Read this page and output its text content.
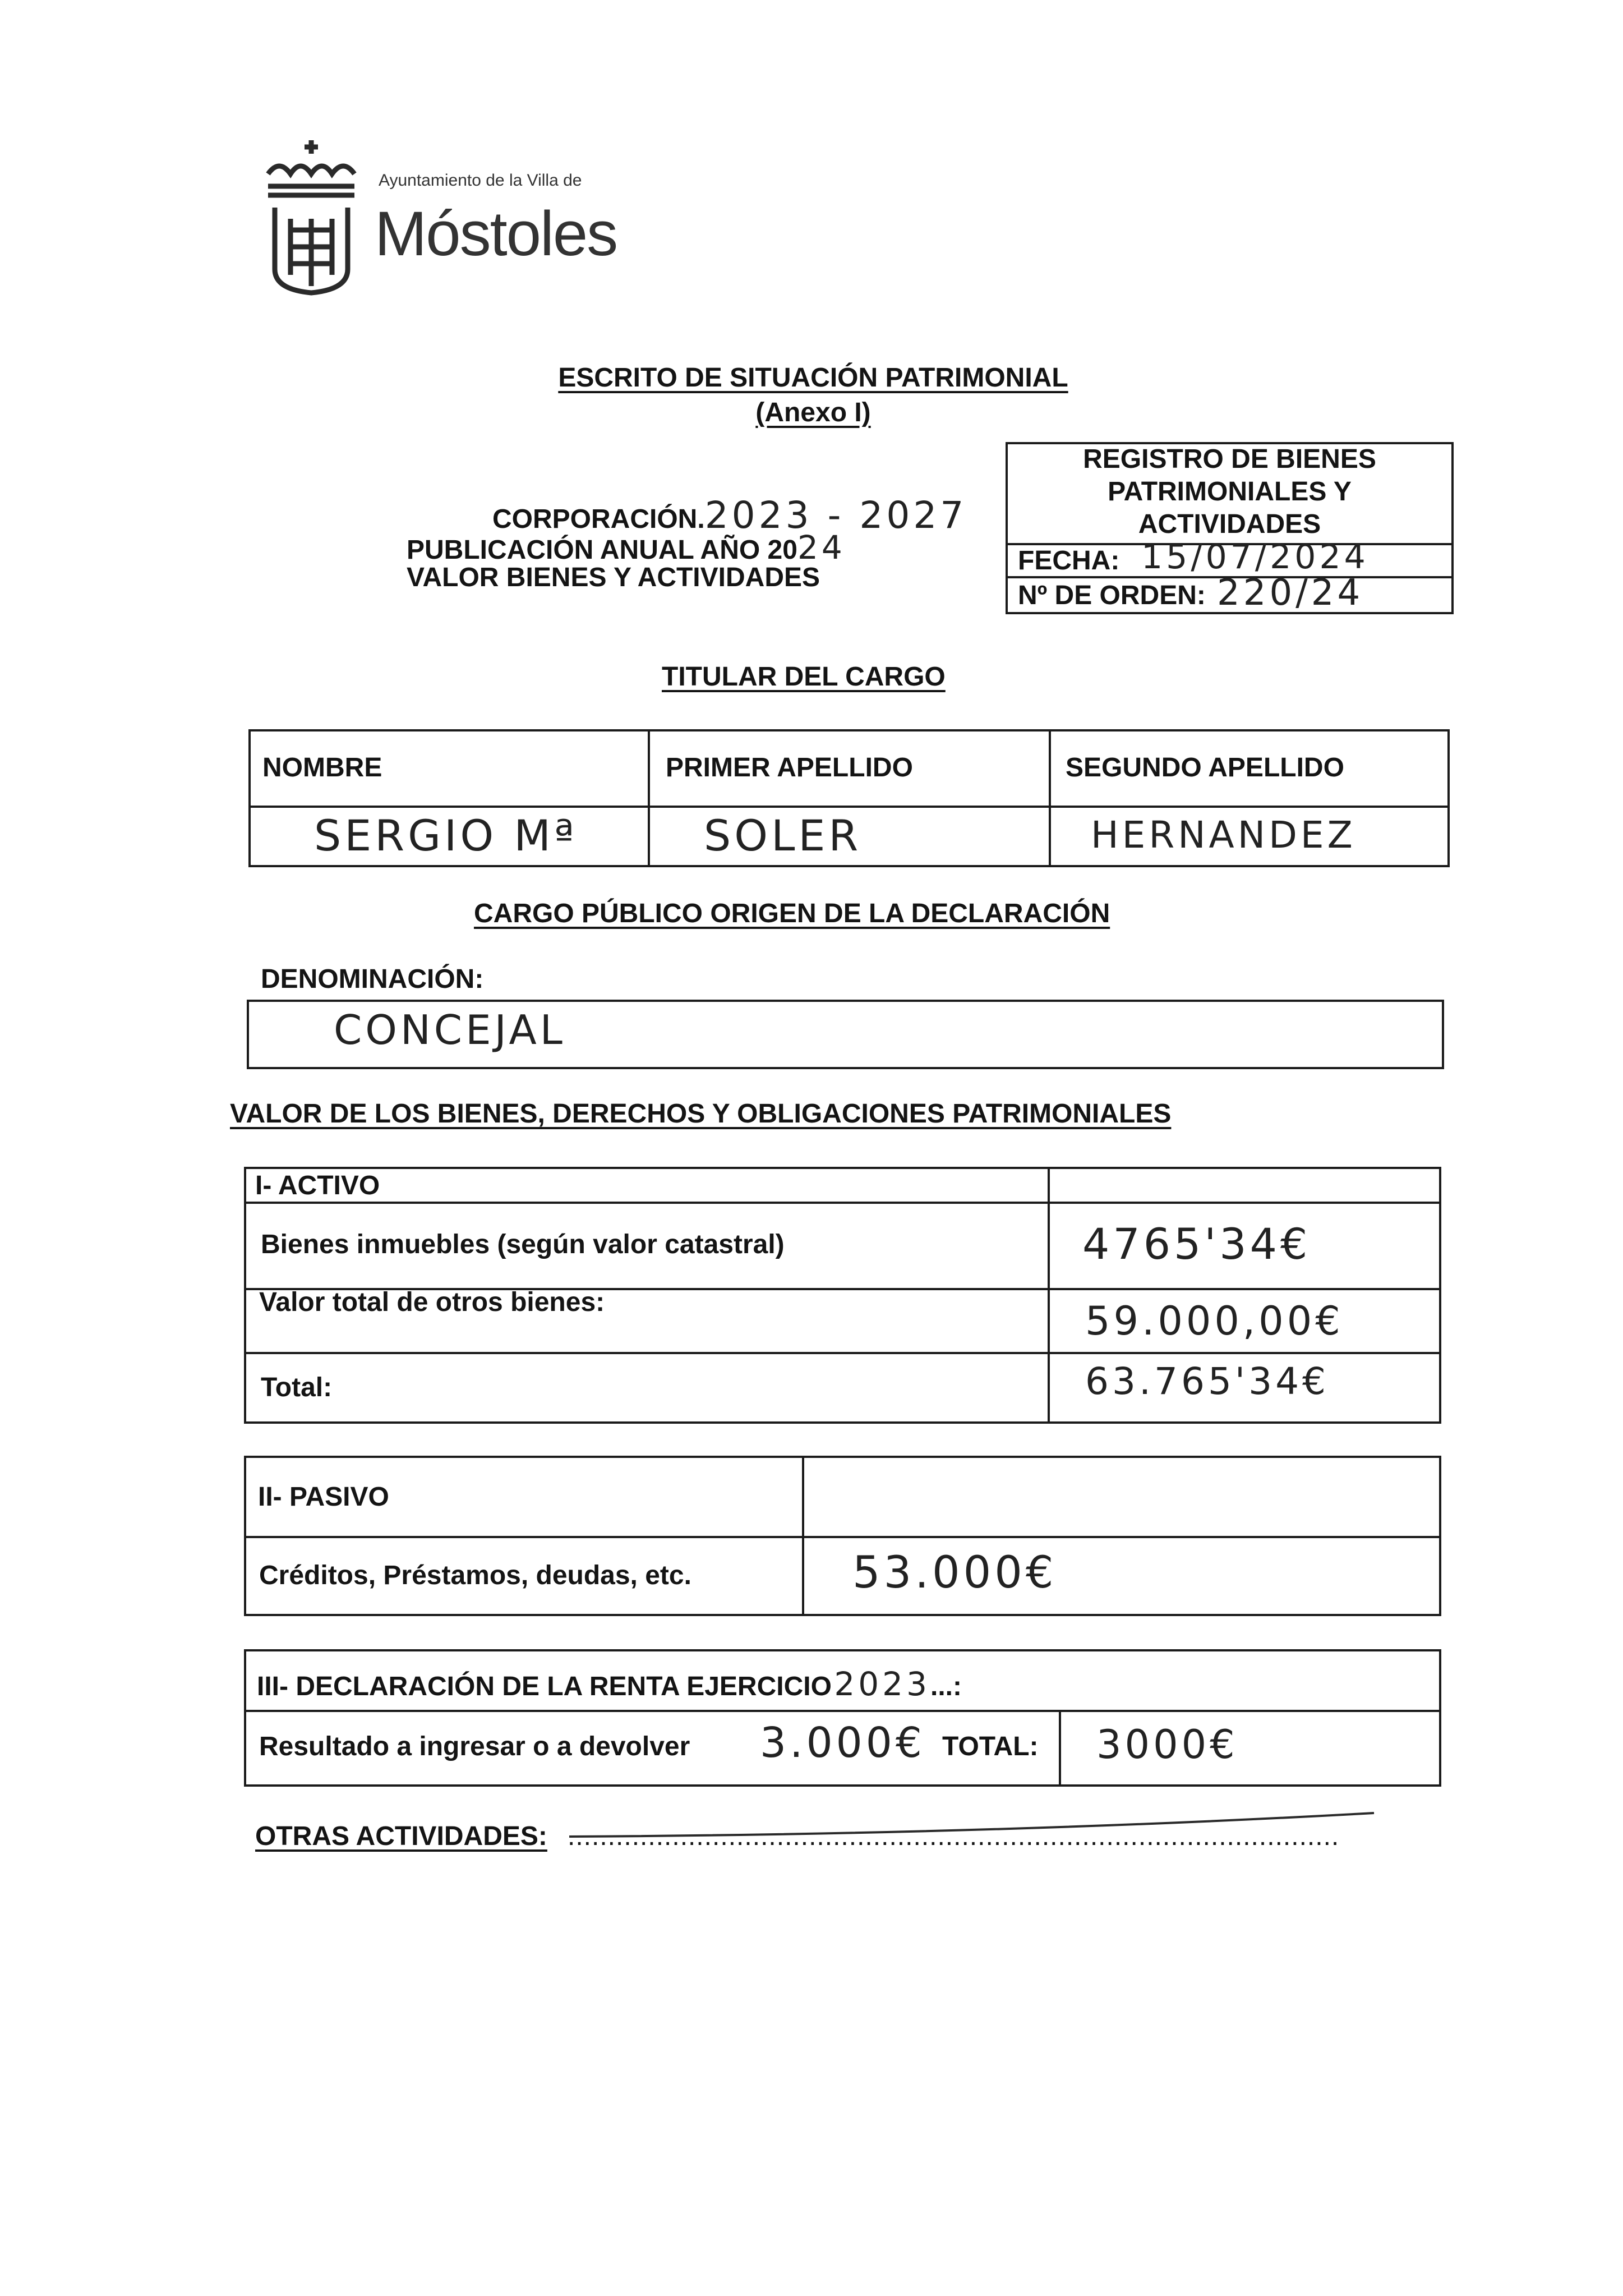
Ayuntamiento de la Villa de
Móstoles
ESCRITO DE SITUACIÓN PATRIMONIAL
(Anexo I)
CORPORACIÓN.2023 - 2027
PUBLICACIÓN ANUAL AÑO 2024
VALOR BIENES Y ACTIVIDADES
REGISTRO DE BIENES
PATRIMONIALES Y
ACTIVIDADES
FECHA: 15/07/2024
Nº DE ORDEN: 220/24
TITULAR DEL CARGO
NOMBRE	PRIMER APELLIDO	SEGUNDO APELLIDO
SERGIO Mª	SOLER	HERNANDEZ
CARGO PÚBLICO ORIGEN DE LA DECLARACIÓN
DENOMINACIÓN:
CONCEJAL
VALOR DE LOS BIENES, DERECHOS Y OBLIGACIONES PATRIMONIALES
I- ACTIVO
Bienes inmuebles (según valor catastral)	4765'34€
Valor total de otros bienes:	59.000,00€
Total:	63.765'34€
II- PASIVO
Créditos, Préstamos, deudas, etc.	53.000€
III- DECLARACIÓN DE LA RENTA EJERCICIO 2023...:
Resultado a ingresar o a devolver 3.000€ TOTAL: 3000€
OTRAS ACTIVIDADES: ................................................................................................
